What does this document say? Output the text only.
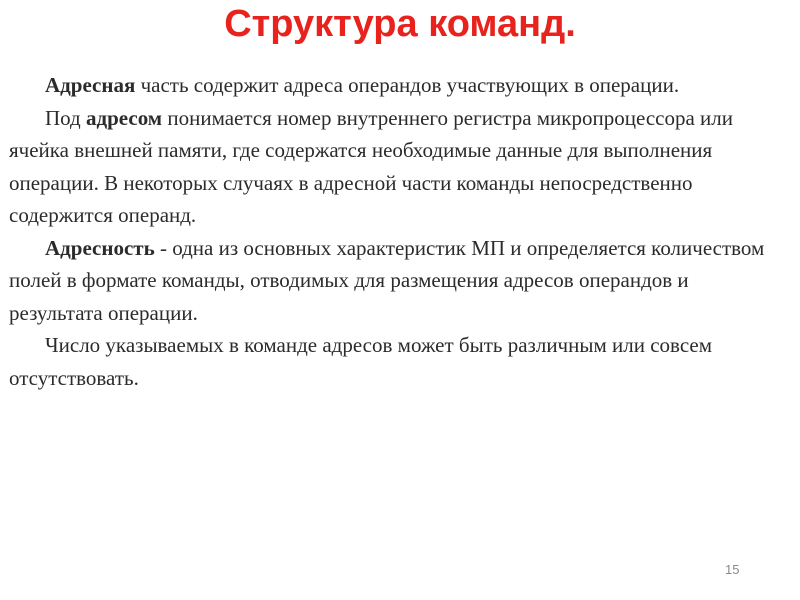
Структура команд.

Адресная часть содержит адреса операндов участвующих в операции.

Под адресом понимается номер внутреннего регистра микропроцессора или ячейка внешней памяти, где содержатся необходимые данные для выполнения операции. В некоторых случаях в адресной части команды непосредственно содержится операнд.

Адресность - одна из основных характеристик МП и определяется количеством полей в формате команды, отводимых для размещения адресов операндов и результата операции.

Число указываемых в команде адресов может быть различным или совсем отсутствовать.

15
